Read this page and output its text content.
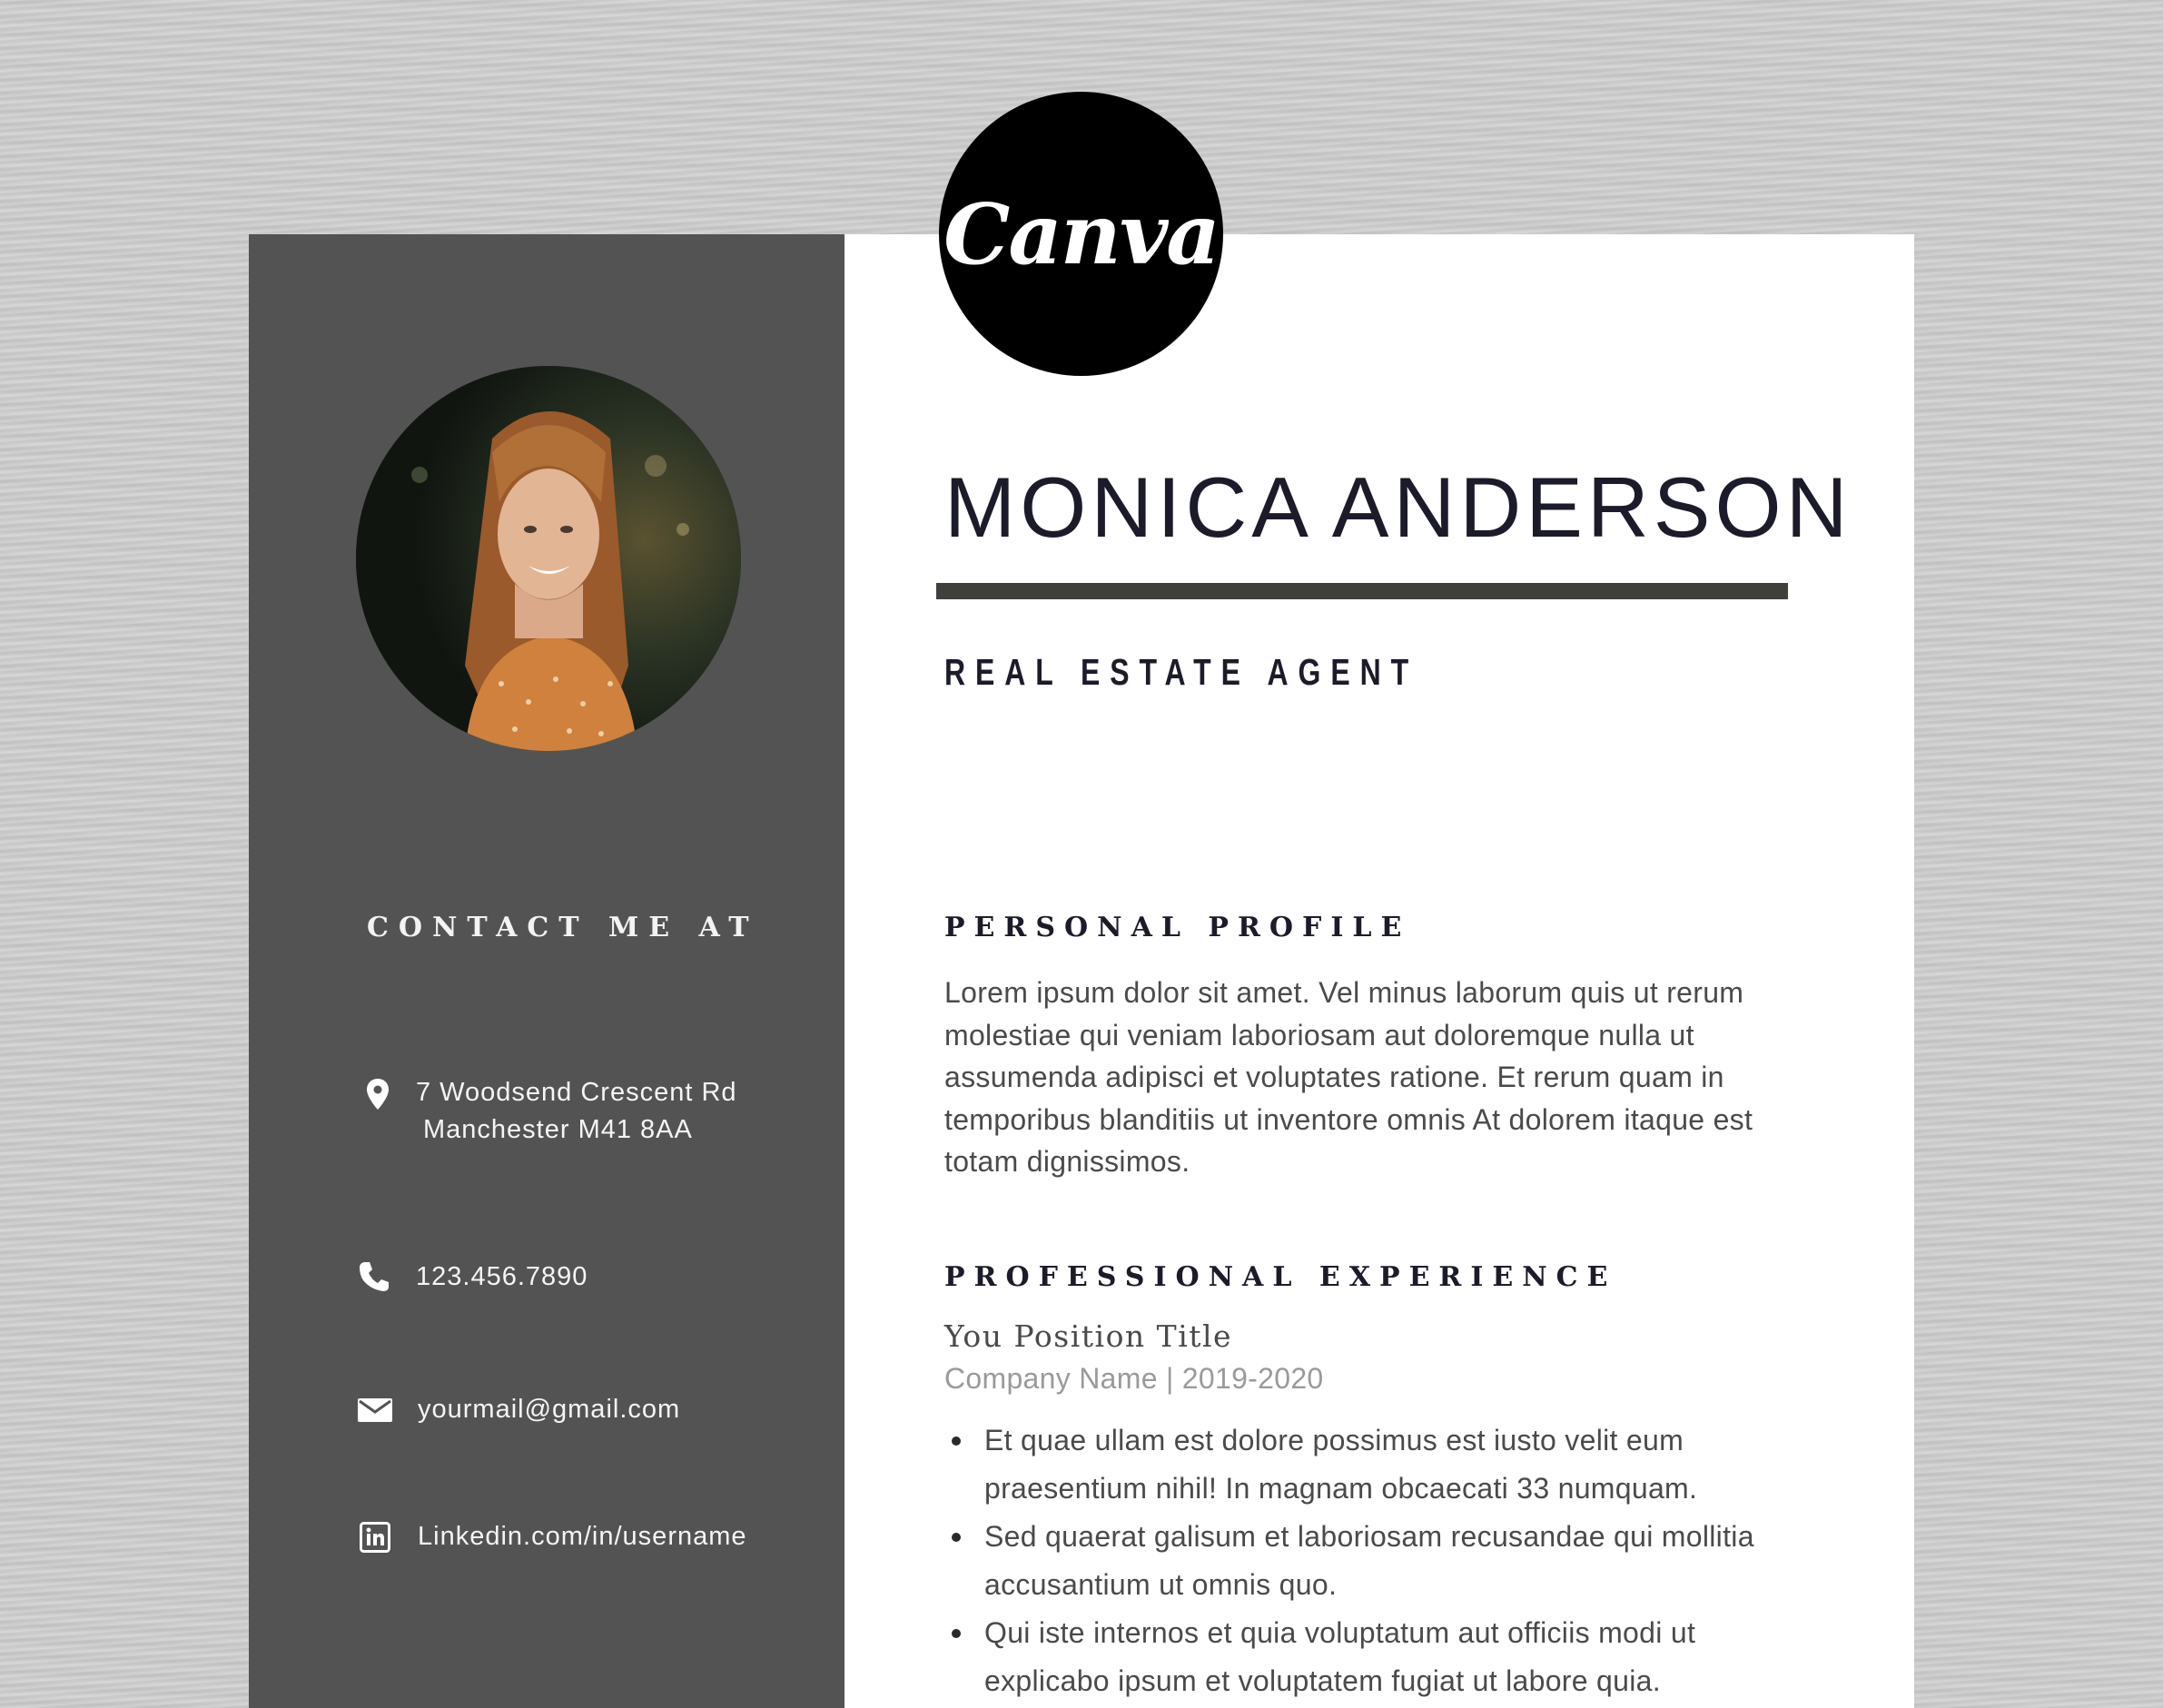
Canva
CONTACT ME AT
7 Woodsend Crescent Rd
Manchester M41 8AA
123.456.7890
yourmail@gmail.com
Linkedin.com/in/username
MONICA ANDERSON
REAL ESTATE AGENT
PERSONAL PROFILE
Lorem ipsum dolor sit amet. Vel minus laborum quis ut rerum molestiae qui veniam laboriosam aut doloremque nulla ut assumenda adipisci et voluptates ratione. Et rerum quam in temporibus blanditiis ut inventore omnis At dolorem itaque est totam dignissimos.
PROFESSIONAL EXPERIENCE
You Position Title
Company Name | 2019-2020
Et quae ullam est dolore possimus est iusto velit eum praesentium nihil! In magnam obcaecati 33 numquam.
Sed quaerat galisum et laboriosam recusandae qui mollitia accusantium ut omnis quo.
Qui iste internos et quia voluptatum aut officiis modi ut explicabo ipsum et voluptatem fugiat ut labore quia.
